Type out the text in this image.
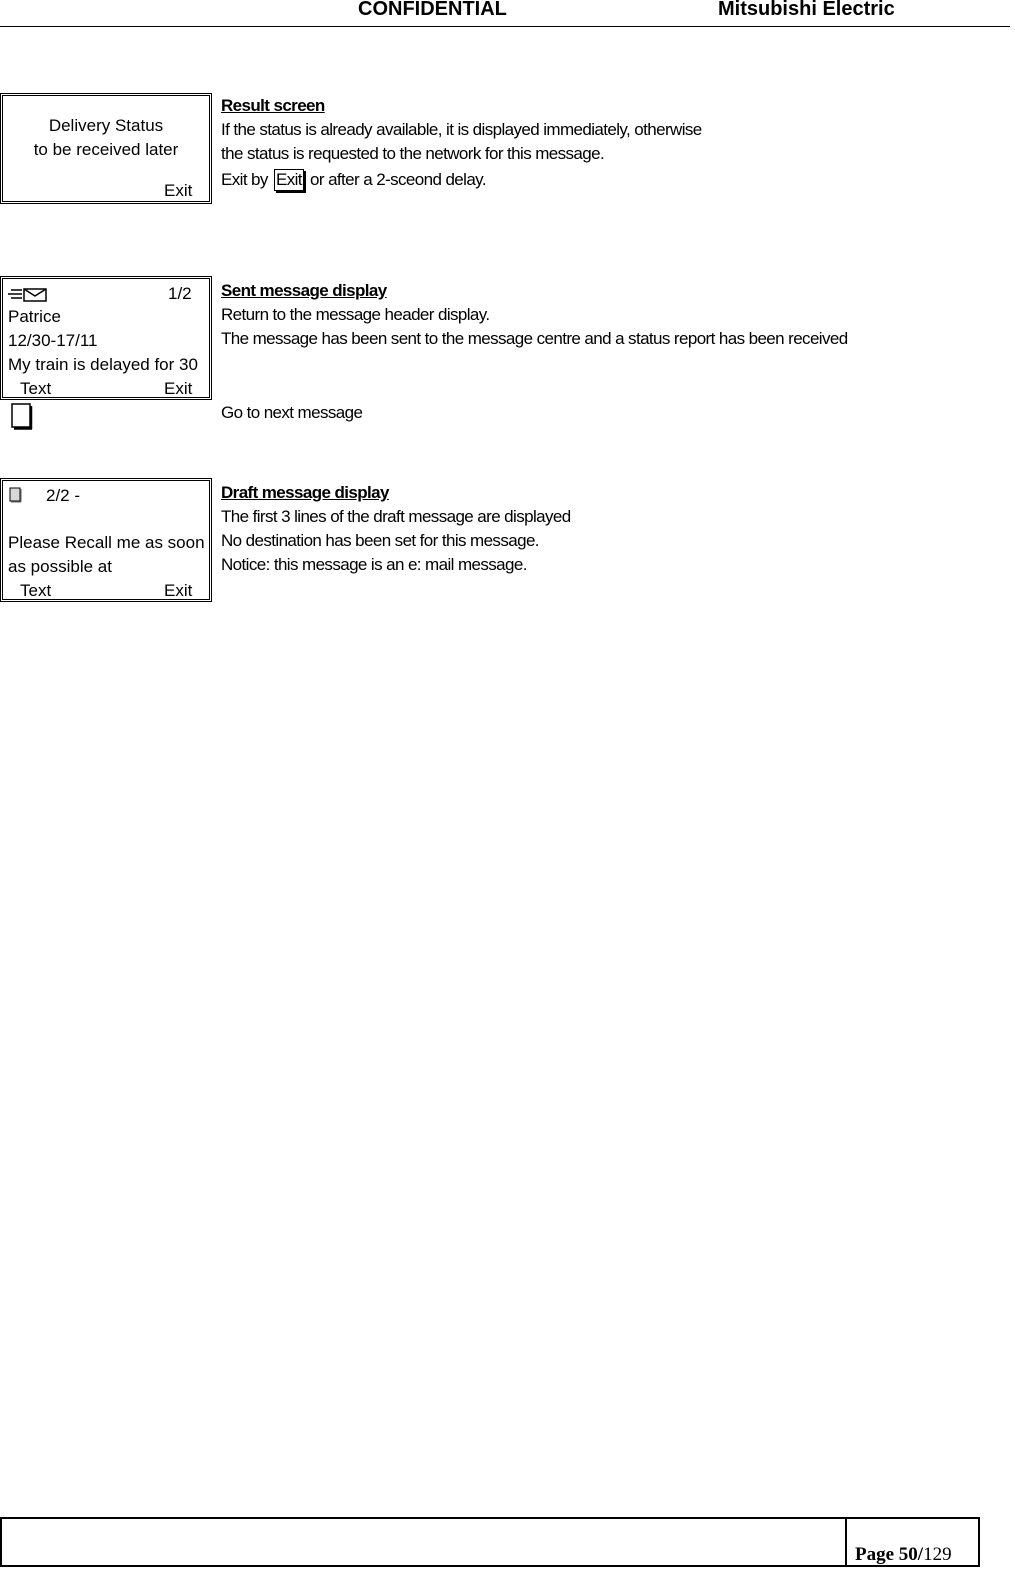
CONFIDENTIAL	Mitsubishi Electric
Delivery Status
to be received later
Exit
Result screen
If the status is already available, it is displayed immediately, otherwise
the status is requested to the network for this message.
Exit by Exit or after a 2-sceond delay.
1/2
Patrice
12/30-17/11
My train is delayed for 30
Text	Exit
Sent message display
Return to the message header display.
The message has been sent to the message centre and a status report has been received
Go to next message
2/2 -
Please Recall me as soon
as possible at
Text	Exit
Draft message display
The first 3 lines of the draft message are displayed
No destination has been set for this message.
Notice: this message is an e: mail message.
Page 50/129
